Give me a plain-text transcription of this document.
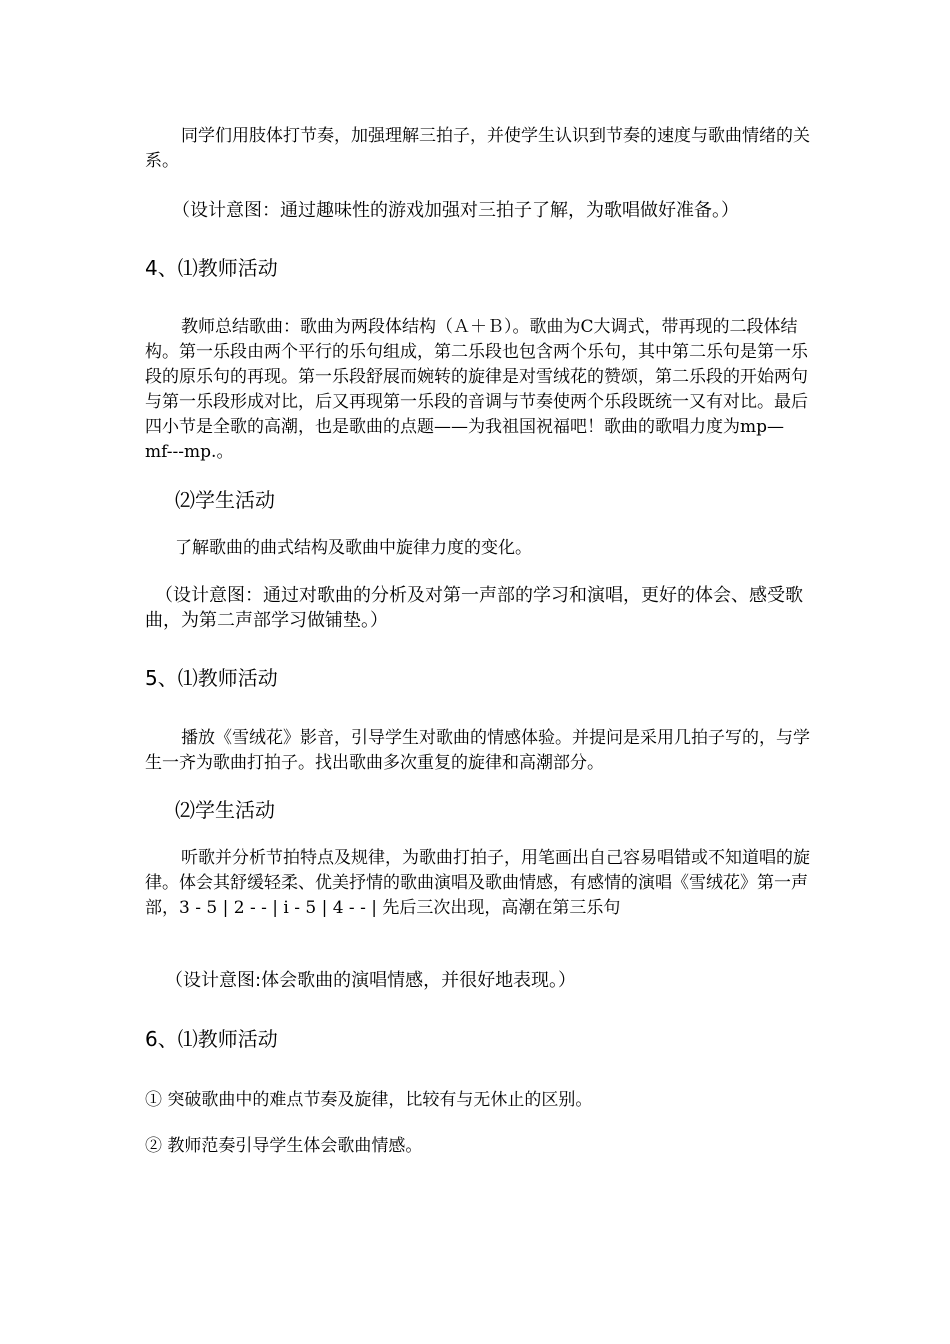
同学们用肢体打节奏，加强理解三拍子，并使学生认识到节奏的速度与歌曲情绪的关系。
（设计意图：通过趣味性的游戏加强对三拍子了解，为歌唱做好准备。）
4、⑴教师活动
教师总结歌曲：歌曲为两段体结构（Ａ＋Ｂ）。歌曲为C大调式，带再现的二段体结构。第一乐段由两个平行的乐句组成，第二乐段也包含两个乐句，其中第二乐句是第一乐段的原乐句的再现。第一乐段舒展而婉转的旋律是对雪绒花的赞颂，第二乐段的开始两句与第一乐段形成对比，后又再现第一乐段的音调与节奏使两个乐段既统一又有对比。最后四小节是全歌的高潮，也是歌曲的点题——为我祖国祝福吧！歌曲的歌唱力度为mp—mf---mp.。
⑵学生活动
了解歌曲的曲式结构及歌曲中旋律力度的变化。
（设计意图：通过对歌曲的分析及对第一声部的学习和演唱，更好的体会、感受歌曲，为第二声部学习做铺垫。）
5、⑴教师活动
播放《雪绒花》影音，引导学生对歌曲的情感体验。并提问是采用几拍子写的，与学生一齐为歌曲打拍子。找出歌曲多次重复的旋律和高潮部分。
⑵学生活动
听歌并分析节拍特点及规律，为歌曲打拍子，用笔画出自己容易唱错或不知道唱的旋律。体会其舒缓轻柔、优美抒情的歌曲演唱及歌曲情感，有感情的演唱《雪绒花》第一声部，3 - 5 | 2 - - | i - 5 | 4 - - | 先后三次出现，高潮在第三乐句
（设计意图:体会歌曲的演唱情感，并很好地表现。）
6、⑴教师活动
① 突破歌曲中的难点节奏及旋律，比较有与无休止的区别。
② 教师范奏引导学生体会歌曲情感。
